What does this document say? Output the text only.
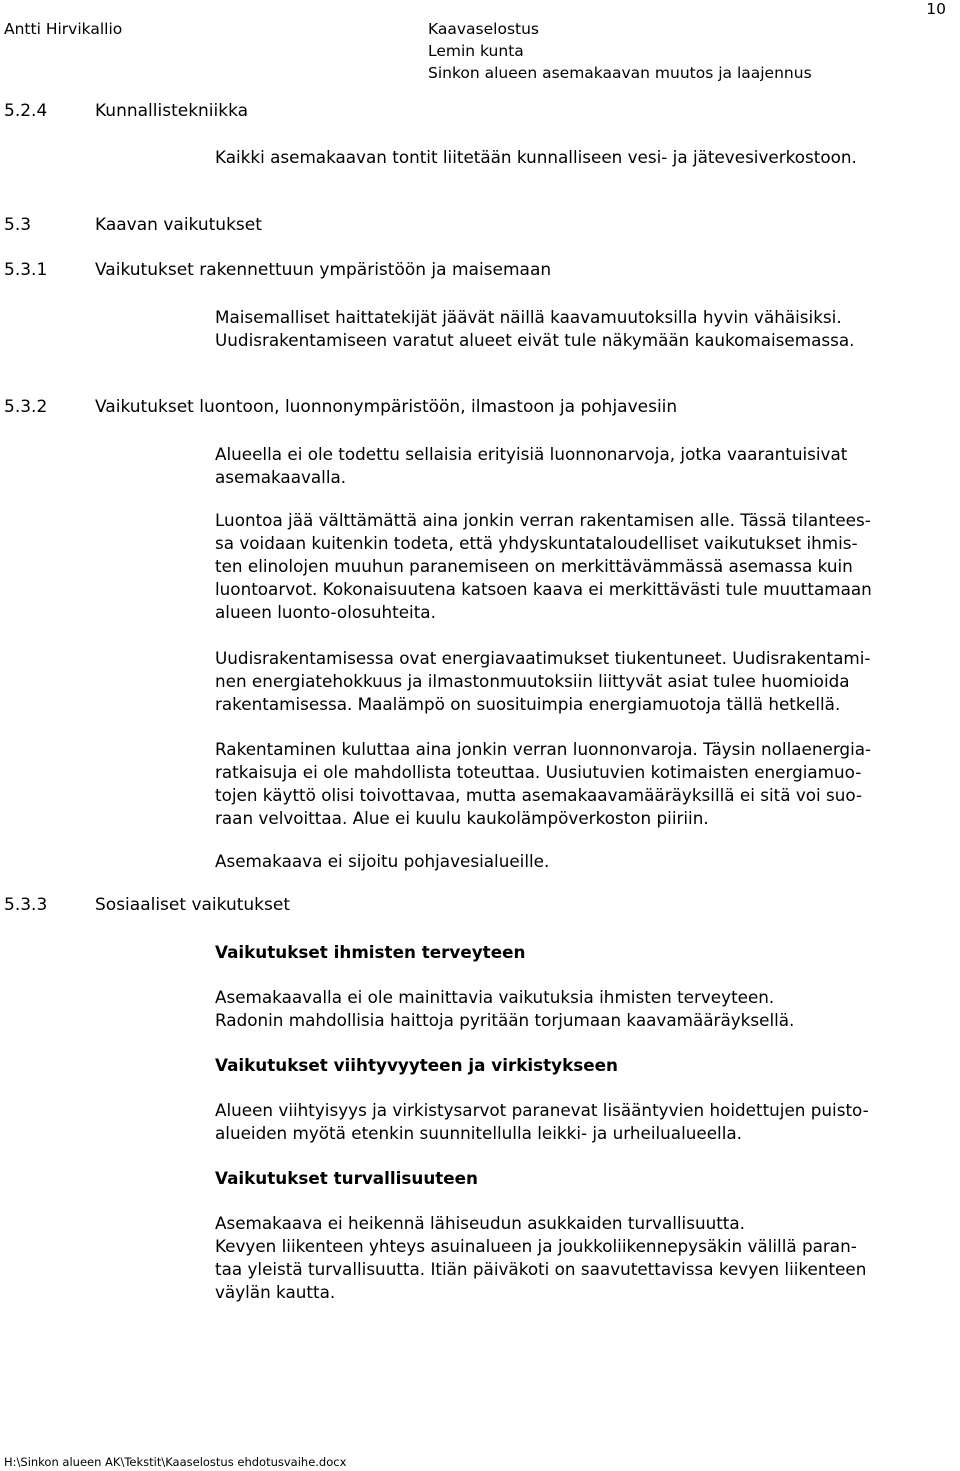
Antti Hirvikallio	Kaavaselostus
Lemin kunta
Sinkon alueen asemakaavan muutos ja laajennus
10
5.2.4	Kunnallistekniikka

Kaikki asemakaavan tontit liitetään kunnalliseen vesi- ja jätevesiverkostoon.

5.3	Kaavan vaikutukset
5.3.1	Vaikutukset rakennettuun ympäristöön ja maisemaan

Maisemalliset haittatekijät jäävät näillä kaavamuutoksilla hyvin vähäisiksi.

Uudisrakentamiseen varatut alueet eivät tule näkymään kaukomaisemassa.

5.3.2	Vaikutukset luontoon, luonnonympäristöön, ilmastoon ja pohjavesiin

Alueella ei ole todettu sellaisia erityisiä luonnonarvoja, jotka vaarantuisivat

asemakaavalla.

Luontoa jää välttämättä aina jonkin verran rakentamisen alle. Tässä tilantees-

sa voidaan kuitenkin todeta, että yhdyskuntataloudelliset vaikutukset ihmis-

ten elinolojen muuhun paranemiseen on merkittävämmässä asemassa kuin

luontoarvot. Kokonaisuutena katsoen kaava ei merkittävästi tule muuttamaan

alueen luonto-olosuhteita.

Uudisrakentamisessa ovat energiavaatimukset tiukentuneet. Uudisrakentami-

nen energiatehokkuus ja ilmastonmuutoksiin liittyvät asiat tulee huomioida

rakentamisessa. Maalämpö on suosituimpia energiamuotoja tällä hetkellä.

Rakentaminen kuluttaa aina jonkin verran luonnonvaroja. Täysin nollaenergia-

ratkaisuja ei ole mahdollista toteuttaa. Uusiutuvien kotimaisten energiamuo-

tojen käyttö olisi toivottavaa, mutta asemakaavamääräyksillä ei sitä voi suo-

raan velvoittaa. Alue ei kuulu kaukolämpöverkoston piiriin.

Asemakaava ei sijoitu pohjavesialueille.

5.3.3	Sosiaaliset vaikutukset
Vaikutukset ihmisten terveyteen

Asemakaavalla ei ole mainittavia vaikutuksia ihmisten terveyteen.

Radonin mahdollisia haittoja pyritään torjumaan kaavamääräyksellä.

Vaikutukset viihtyvyyteen ja virkistykseen

Alueen viihtyisyys ja virkistysarvot paranevat lisääntyvien hoidettujen puisto-

alueiden myötä etenkin suunnitellulla leikki- ja urheilualueella.

Vaikutukset turvallisuuteen

Asemakaava ei heikennä lähiseudun asukkaiden turvallisuutta.

Kevyen liikenteen yhteys asuinalueen ja joukkoliikennepysäkin välillä paran-

taa yleistä turvallisuutta. Itiän päiväkoti on saavutettavissa kevyen liikenteen

väylän kautta.

H:\Sinkon alueen AK\Tekstit\Kaaselostus ehdotusvaihe.docx
